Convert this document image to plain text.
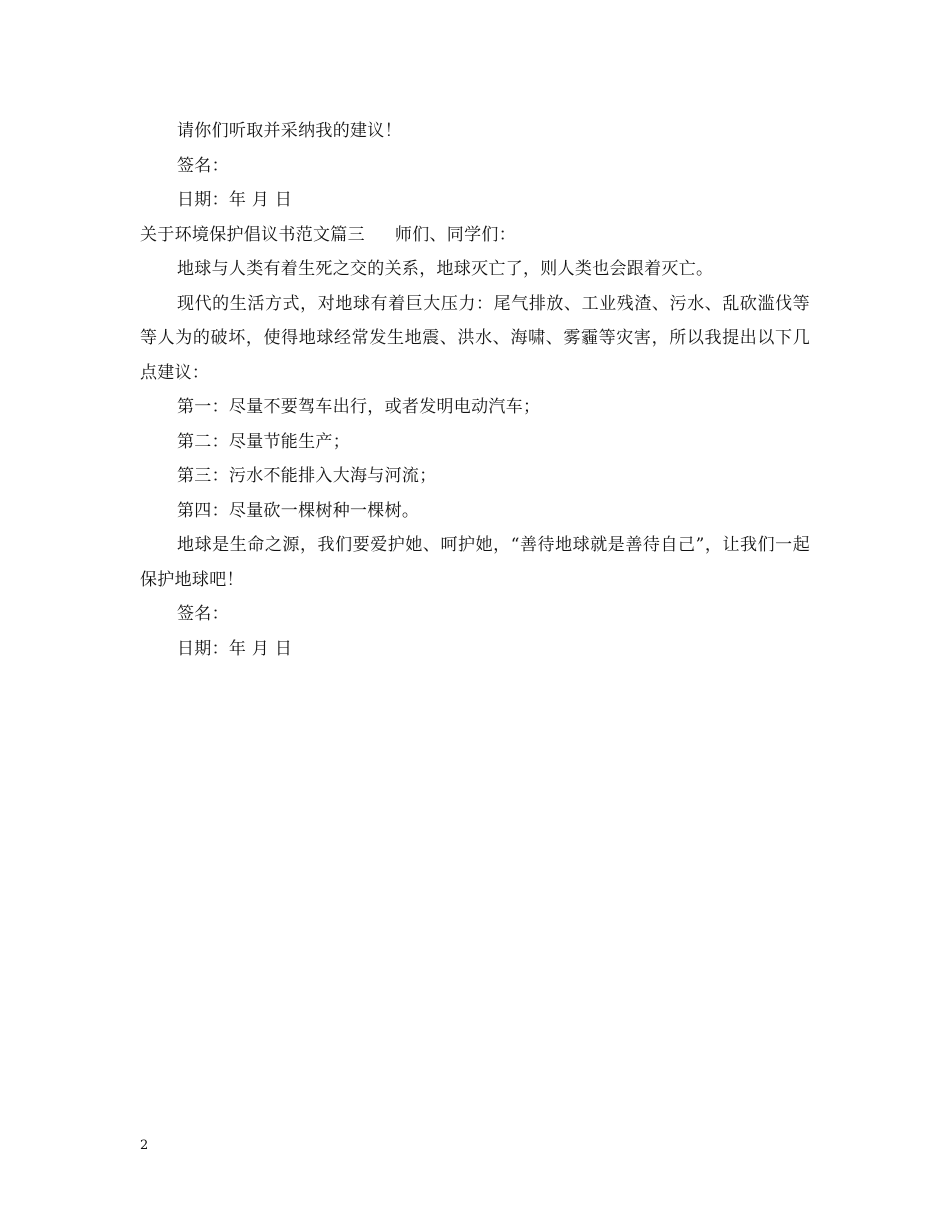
请你们听取并采纳我的建议！

签名：

日期：年 月 日

关于环境保护倡议书范文篇三 师们、同学们：

地球与人类有着生死之交的关系，地球灭亡了，则人类也会跟着灭亡。

现代的生活方式，对地球有着巨大压力：尾气排放、工业残渣、污水、乱砍滥伐等等人为的破坏，使得地球经常发生地震、洪水、海啸、雾霾等灾害，所以我提出以下几点建议：

第一：尽量不要驾车出行，或者发明电动汽车；

第二：尽量节能生产；

第三：污水不能排入大海与河流；

第四：尽量砍一棵树种一棵树。

地球是生命之源，我们要爱护她、呵护她，“善待地球就是善待自己”，让我们一起保护地球吧！

签名：

日期：年 月 日

2
